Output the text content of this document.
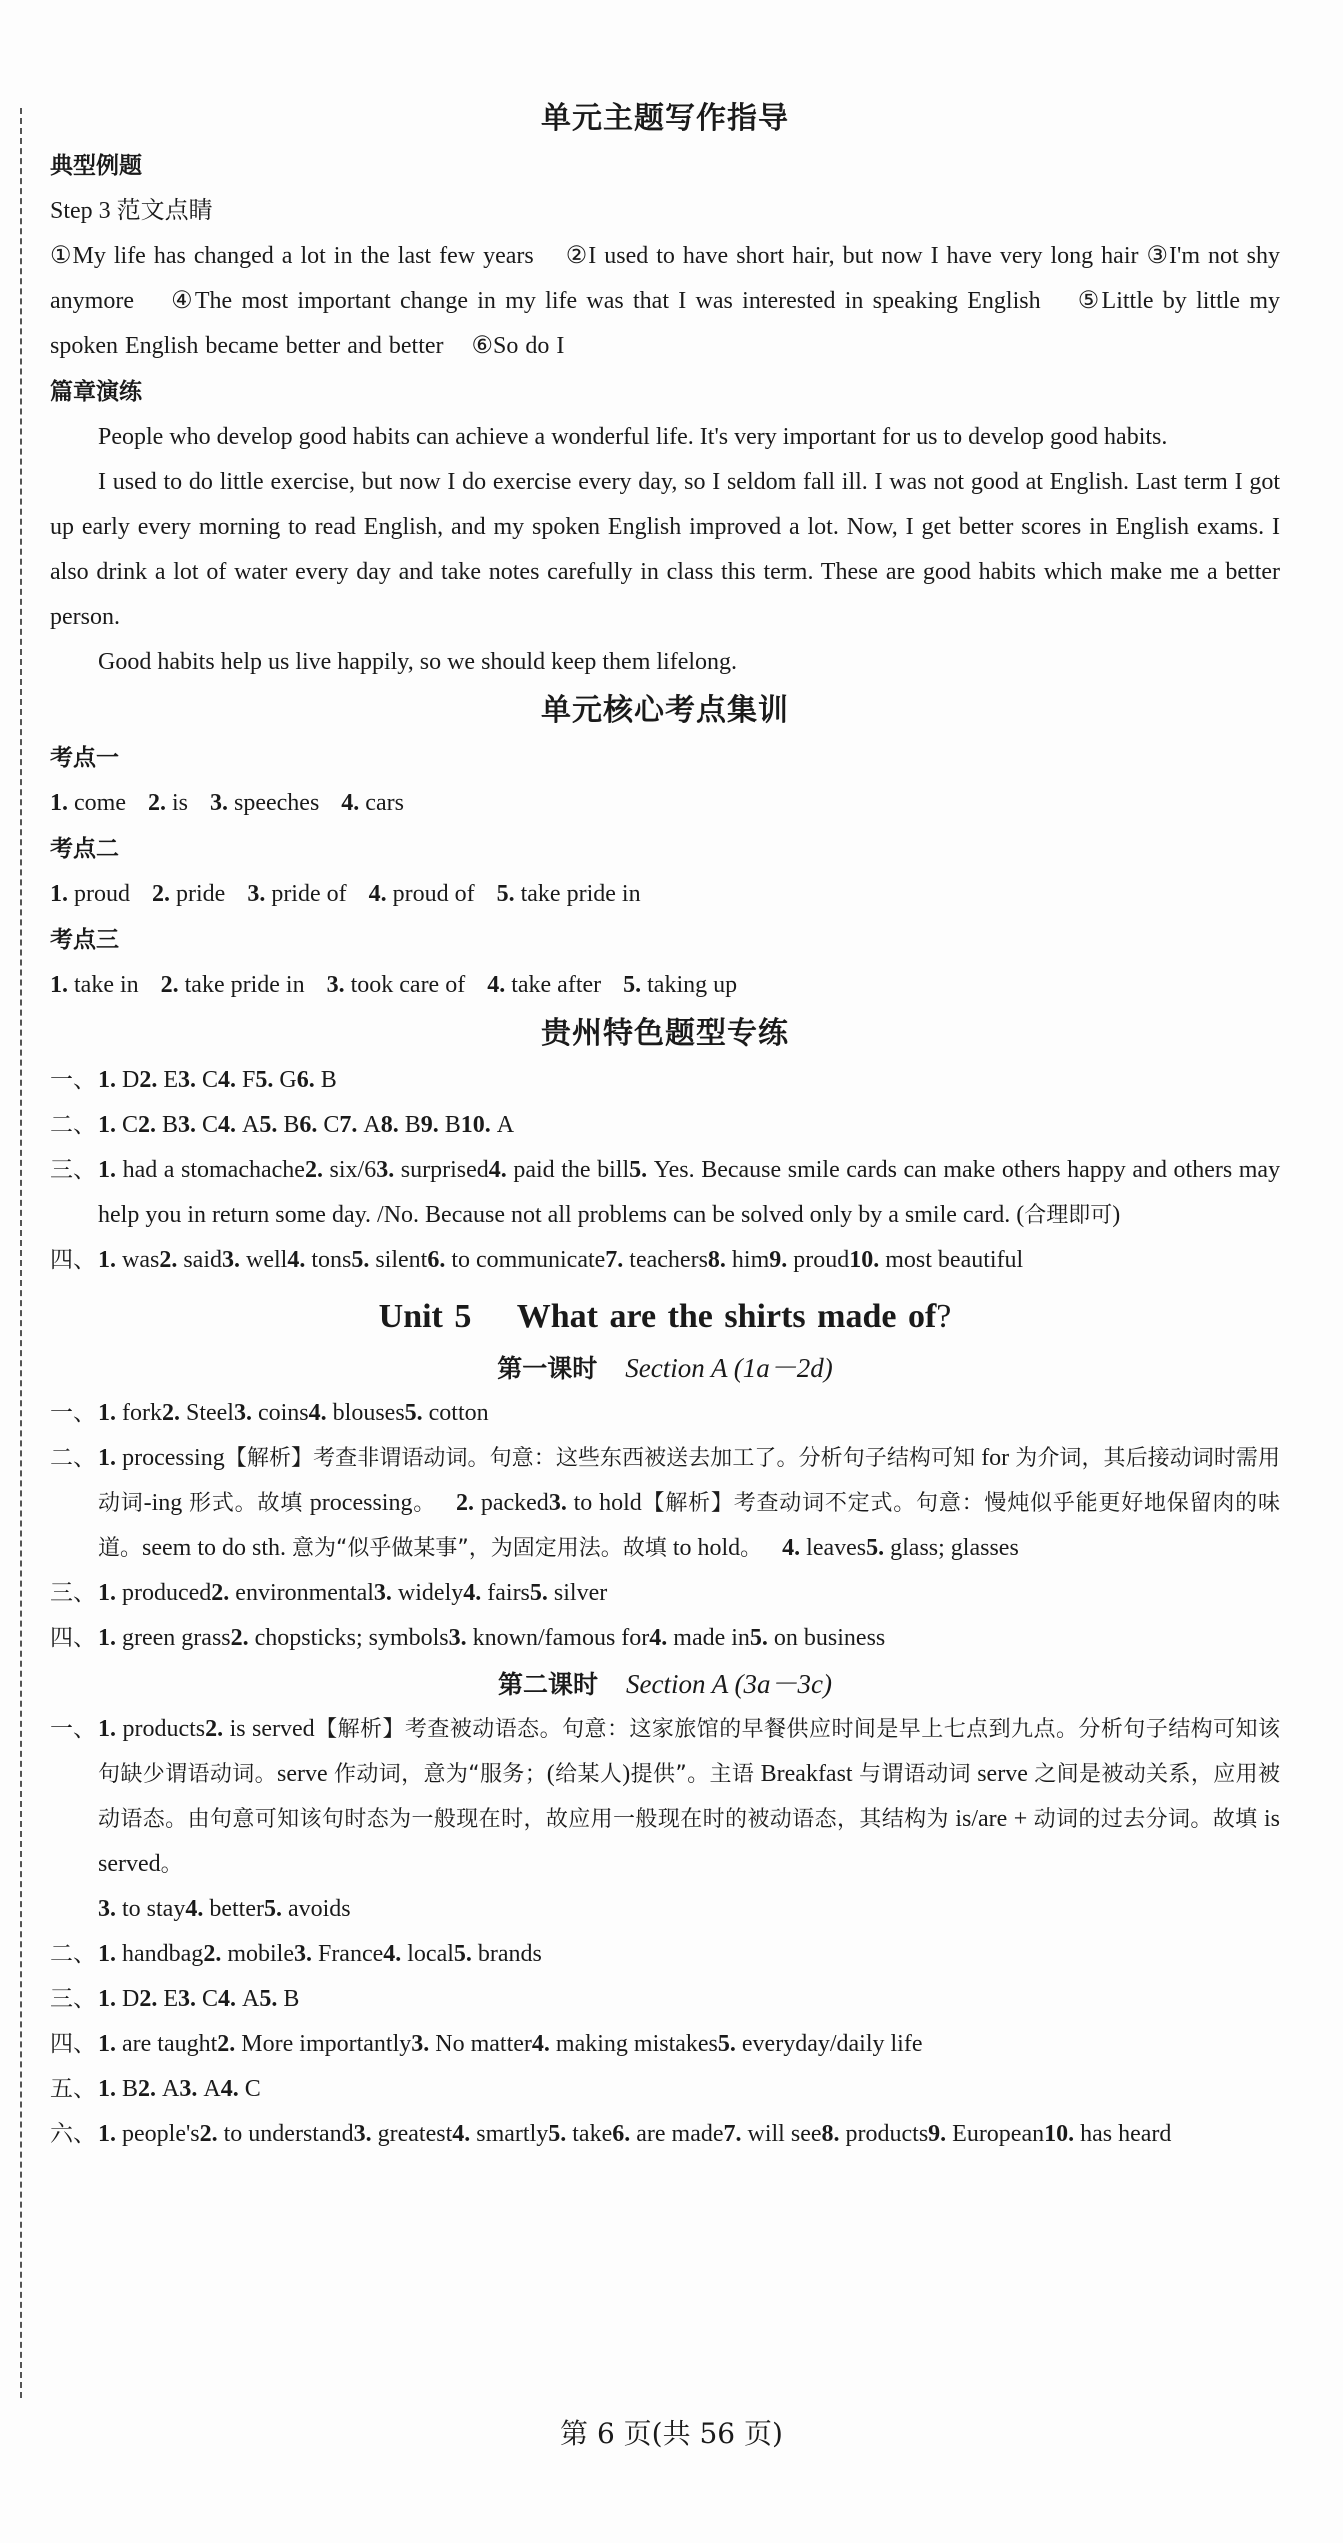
单元主题写作指导
典型例题
Step 3 范文点睛
①My life has changed a lot in the last few years ②I used to have short hair, but now I have very long hair ③I'm not shy anymore ④The most important change in my life was that I was interested in speaking English ⑤Little by little my spoken English became better and better ⑥So do I
篇章演练

People who develop good habits can achieve a wonderful life. It's very important for us to develop good habits.

I used to do little exercise, but now I do exercise every day, so I seldom fall ill. I was not good at English. Last term I got up early every morning to read English, and my spoken English improved a lot. Now, I get better scores in English exams. I also drink a lot of water every day and take notes carefully in class this term. These are good habits which make me a better person.

Good habits help us live happily, so we should keep them lifelong.

单元核心考点集训
考点一
1. come 2. is 3. speeches 4. cars
考点二
1. proud 2. pride 3. pride of 4. proud of 5. take pride in
考点三
1. take in 2. take pride in 3. took care of 4. take after 5. taking up
贵州特色题型专练
一、 1. D2. E3. C4. F5. G6. B
二、 1. C2. B3. C4. A5. B6. C7. A8. B9. B10. A
三、 1. had a stomachache2. six/63. surprised4. paid the bill5. Yes. Because smile cards can make others happy and others may help you in return some day. /No. Because not all problems can be solved only by a smile card. (合理即可)
四、 1. was2. said3. well4. tons5. silent6. to communicate7. teachers8. him9. proud10. most beautiful
Unit 5 What are the shirts made of?
第一课时 Section A (1a－2d)
一、 1. fork2. Steel3. coins4. blouses5. cotton
二、 1. processing【解析】考查非谓语动词。句意：这些东西被送去加工了。分析句子结构可知 for 为介词，其后接动词时需用动词-ing 形式。故填 processing。 2. packed3. to hold【解析】考查动词不定式。句意：慢炖似乎能更好地保留肉的味道。seem to do sth. 意为“似乎做某事”，为固定用法。故填 to hold。 4. leaves5. glass; glasses
三、 1. produced2. environmental3. widely4. fairs5. silver
四、 1. green grass2. chopsticks; symbols3. known/famous for4. made in5. on business
第二课时 Section A (3a－3c)
一、 1. products2. is served【解析】考查被动语态。句意：这家旅馆的早餐供应时间是早上七点到九点。分析句子结构可知该句缺少谓语动词。serve 作动词，意为“服务；(给某人)提供”。主语 Breakfast 与谓语动词 serve 之间是被动关系，应用被动语态。由句意可知该句时态为一般现在时，故应用一般现在时的被动语态，其结构为 is/are + 动词的过去分词。故填 is served。
3. to stay4. better5. avoids
二、 1. handbag2. mobile3. France4. local5. brands
三、 1. D2. E3. C4. A5. B
四、 1. are taught2. More importantly3. No matter4. making mistakes5. everyday/daily life
五、 1. B2. A3. A4. C
六、 1. people's2. to understand3. greatest4. smartly5. take6. are made7. will see8. products9. European10. has heard
第 6 页(共 56 页)
